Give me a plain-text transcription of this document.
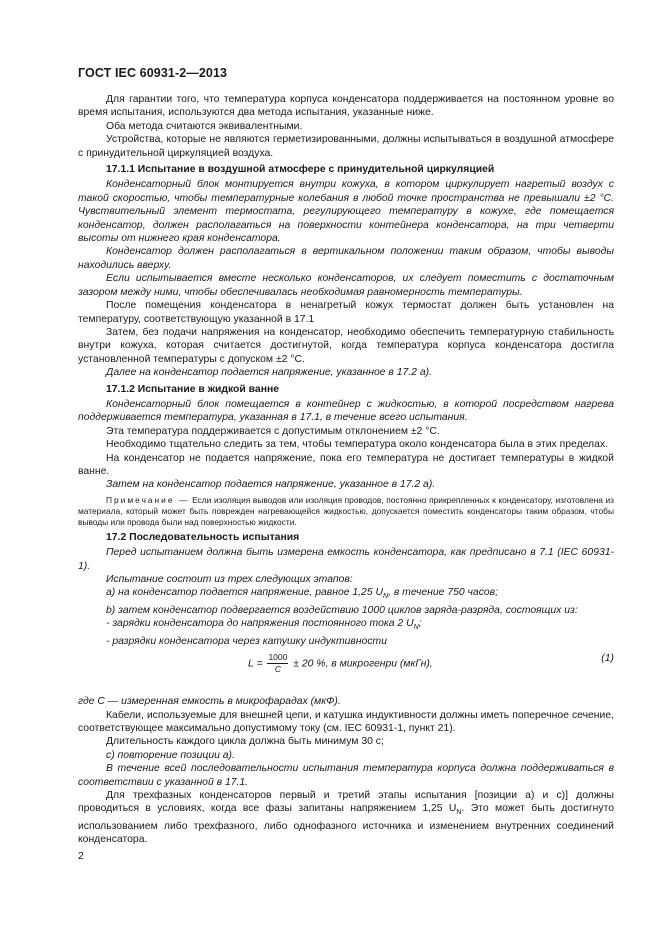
ГОСТ IEC 60931-2—2013

Для гарантии того, что температура корпуса конденсатора поддерживается на постоянном уровне во время испытания, используются два метода испытания, указанные ниже.

Оба метода считаются эквивалентными.

Устройства, которые не являются герметизированными, должны испытываться в воздушной атмосфере с принудительной циркуляцией воздуха.

17.1.1 Испытание в воздушной атмосфере с принудительной циркуляцией

Конденсаторный блок монтируется внутри кожуха, в котором циркулирует нагретый воздух с такой скоростью, чтобы температурные колебания в любой точке пространства не превышали ±2 °С. Чувствительный элемент термостата, регулирующего температуру в кожухе, где помещается конденсатор, должен располагаться на поверхности контейнера конденсатора, на три четверти высоты от нижнего края конденсатора.

Конденсатор должен располагаться в вертикальном положении таким образом, чтобы выводы находились вверху.

Если испытывается вместе несколько конденсаторов, их следует поместить с достаточным зазором между ними, чтобы обеспечивалась необходимая равномерность температуры.

После помещения конденсатора в ненагретый кожух термостат должен быть установлен на температуру, соответствующую указанной в 17.1

Затем, без подачи напряжения на конденсатор, необходимо обеспечить температурную стабильность внутри кожуха, которая считается достигнутой, когда температура корпуса конденсатора достигла установленной температуры с допуском ±2 °С.

Далее на конденсатор подается напряжение, указанное в 17.2 а).

17.1.2 Испытание в жидкой ванне

Конденсаторный блок помещается в контейнер с жидкостью, в которой посредством нагрева поддерживается температура, указанная в 17.1, в течение всего испытания.

Эта температура поддерживается с допустимым отклонением ±2 °С.

Необходимо тщательно следить за тем, чтобы температура около конденсатора была в этих пределах.

На конденсатор не подается напряжение, пока его температура не достигает температуры в жидкой ванне.

Затем на конденсатор подается напряжение, указанное в 17.2 а).

Примечание — Если изоляция выводов или изоляция проводов, постоянно прикрепленных к конденсатору, изготовлена из материала, который может быть поврежден нагревающейся жидкостью, допускается поместить конденсаторы таким образом, чтобы выводы или провода были над поверхностью жидкости.

17.2 Последовательность испытания

Перед испытанием должна быть измерена емкость конденсатора, как предписано в 7.1 (IEC 60931-1).

Испытание состоит из трех следующих этапов:

а) на конденсатор подается напряжение, равное 1,25 $U_N$, в течение 750 часов;

b) затем конденсатор подвергается воздействию 1000 циклов заряда-разряда, состоящих из:

- зарядки конденсатора до напряжения постоянного тока 2 $U_N$;

- разрядки конденсатора через катушку индуктивности

$L = \frac{1000}{C} \pm 20$ %, в микрогенри (мкГн),	(1)

где С — измеренная емкость в микрофарадах (мкФ).

Кабели, используемые для внешней цепи, и катушка индуктивности должны иметь поперечное сечение, соответствующее максимально допустимому току (см. IEC 60931-1, пункт 21).

Длительность каждого цикла должна быть минимум 30 с;

c) повторение позиции а).

В течение всей последовательности испытания температура корпуса должна поддерживаться в соответствии с указанной в 17.1.

Для трехфазных конденсаторов первый и третий этапы испытания [позиции а) и с)] должны проводиться в условиях, когда все фазы запитаны напряжением 1,25 $U_N$. Это может быть достигнуто использованием либо трехфазного, либо однофазного источника и изменением внутренних соединений конденсатора.

2
